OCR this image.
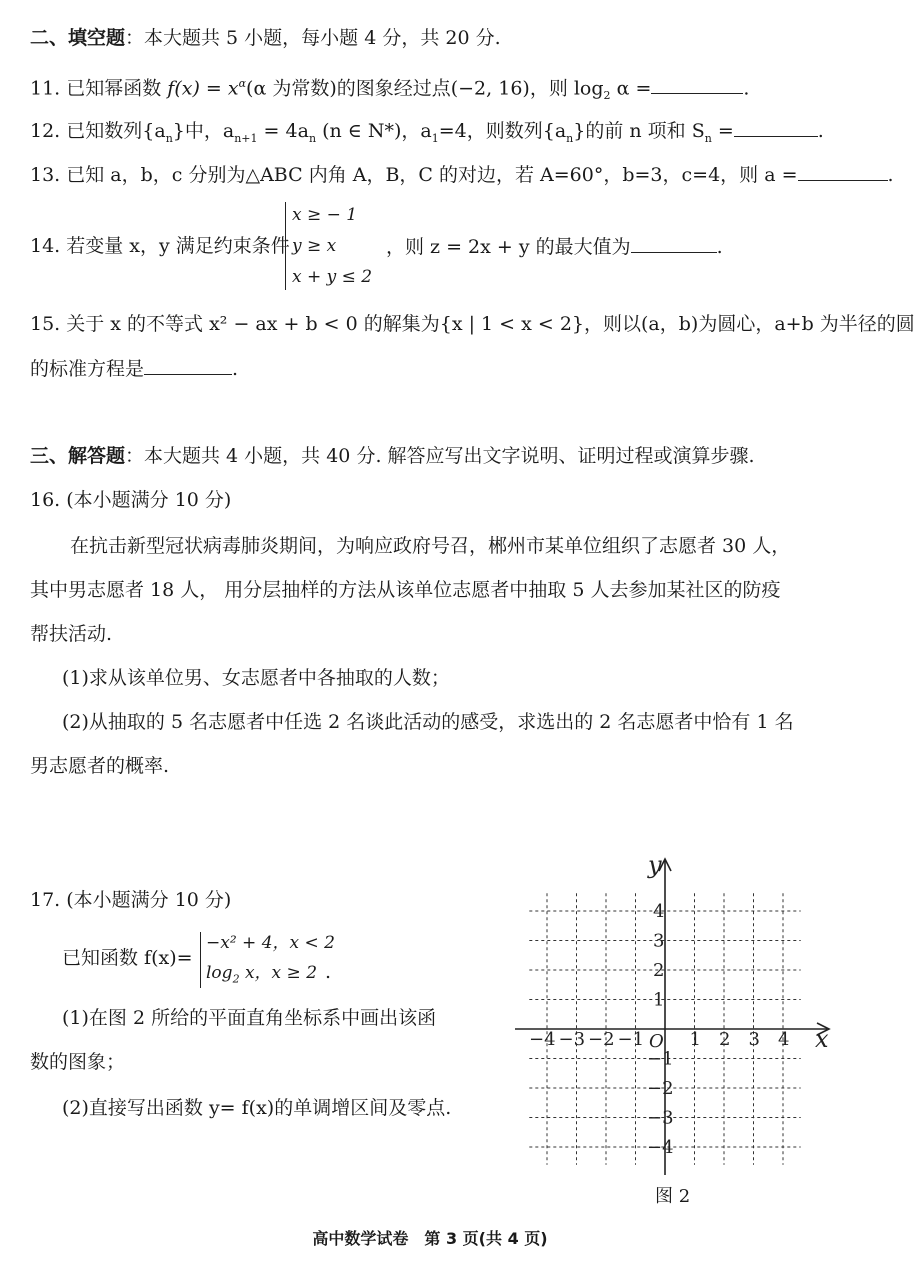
二、填空题：本大题共 5 小题，每小题 4 分，共 20 分.
11. 已知幂函数 $f(x) = x^\alpha(\alpha$ 为常数)的图象经过点(−2, 16)，则 $\log_2 \alpha$ =	.
12. 已知数列$\{a_n\}$中，$a_{n+1} = 4a_n$ (n ∈ N*)，$a_1=4$，则数列$\{a_n\}$的前 n 项和 $S_n$ =	.
13. 已知 a，b，c 分别为△ABC 内角 A，B，C 的对边，若 A=60°，b=3，c=4，则 a =	.
14. 若变量 x，y 满足约束条件
x ≥ − 1
y ≥ x
x + y ≤ 2
，则 z = 2x + y 的最大值为	.
15. 关于 x 的不等式 x² − ax + b < 0 的解集为{x | 1 < x < 2}，则以(a，b)为圆心，a+b 为半径的圆
的标准方程是	.
三、解答题：本大题共 4 小题，共 40 分. 解答应写出文字说明、证明过程或演算步骤.
16. (本小题满分 10 分)
在抗击新型冠状病毒肺炎期间，为响应政府号召，郴州市某单位组织了志愿者 30 人，
其中男志愿者 18 人， 用分层抽样的方法从该单位志愿者中抽取 5 人去参加某社区的防疫
帮扶活动.
(1)求从该单位男、女志愿者中各抽取的人数；
(2)从抽取的 5 名志愿者中任选 2 名谈此活动的感受，求选出的 2 名志愿者中恰有 1 名
男志愿者的概率.
17. (本小题满分 10 分)
已知函数 f(x)=
−x² + 4，x < 2
$\log_2 x$，x ≥ 2 .
(1)在图 2 所给的平面直角坐标系中画出该函
数的图象；
(2)直接写出函数 y= f(x)的单调增区间及零点.
y
x
O
−4 −3 −2 −1	1 2 3 4
4
3
2
1
−1
−2
−3
−4
图 2
高中数学试卷　第 3 页(共 4 页)
